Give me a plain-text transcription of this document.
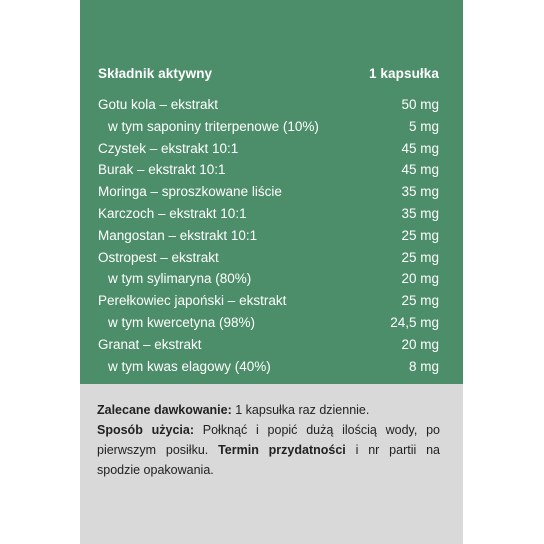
Składnik aktywny	1 kapsułka
Gotu kola – ekstrakt	50 mg
w tym saponiny triterpenowe (10%)	5 mg
Czystek – ekstrakt 10:1	45 mg
Burak – ekstrakt 10:1	45 mg
Moringa – sproszkowane liście	35 mg
Karczoch – ekstrakt 10:1	35 mg
Mangostan – ekstrakt 10:1	25 mg
Ostropest – ekstrakt	25 mg
w tym sylimaryna (80%)	20 mg
Perełkowiec japoński – ekstrakt	25 mg
w tym kwercetyna (98%)	24,5 mg
Granat – ekstrakt	20 mg
w tym kwas elagowy (40%)	8 mg

Zalecane dawkowanie: 1 kapsułka raz dziennie.

Sposób użycia: Połknąć i popić dużą ilością wody, po pierwszym posiłku. Termin przydatności i nr partii na spodzie opakowania.
